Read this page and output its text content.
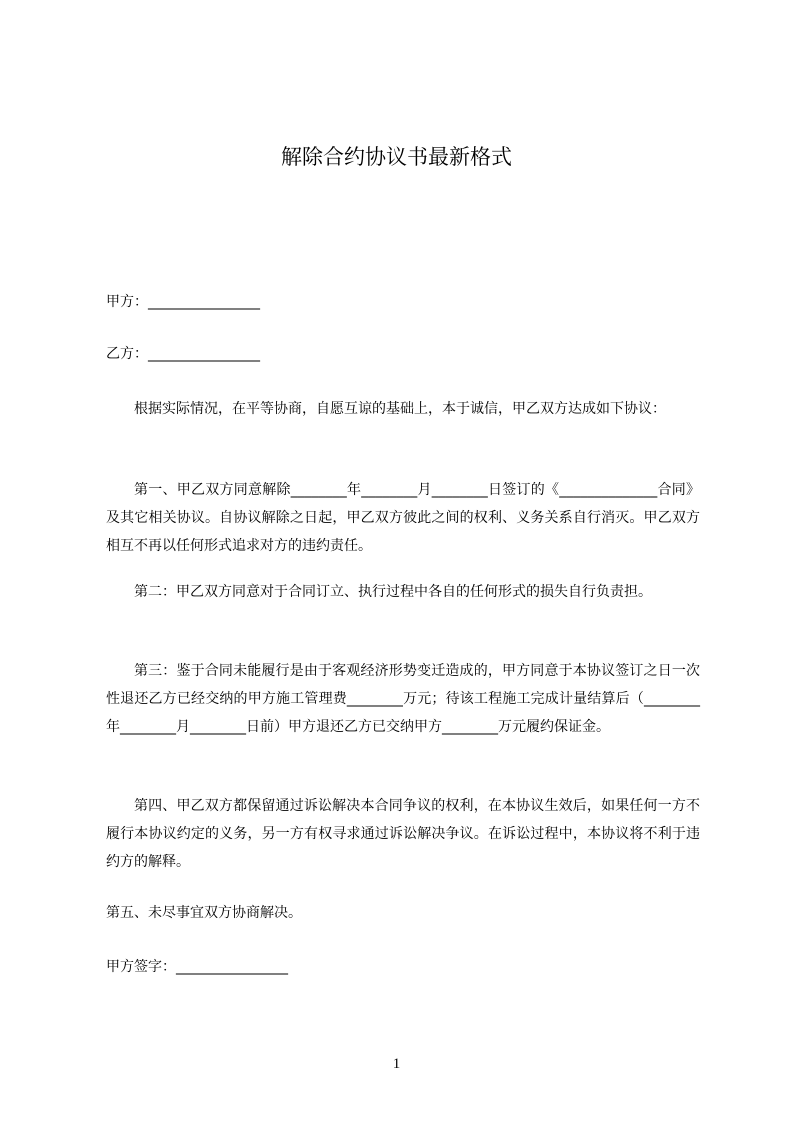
解除合约协议书最新格式
甲方：________________
乙方：________________

根据实际情况，在平等协商，自愿互谅的基础上，本于诚信，甲乙双方达成如下协议：

第一、甲乙双方同意解除________年________月________日签订的《______________合同》及其它相关协议。自协议解除之日起，甲乙双方彼此之间的权利、义务关系自行消灭。甲乙双方相互不再以任何形式追求对方的违约责任。

第二：甲乙双方同意对于合同订立、执行过程中各自的任何形式的损失自行负责担。

第三：鉴于合同未能履行是由于客观经济形势变迁造成的，甲方同意于本协议签订之日一次性退还乙方已经交纳的甲方施工管理费________万元；待该工程施工完成计量结算后（________年________月________日前）甲方退还乙方已交纳甲方________万元履约保证金。

第四、甲乙双方都保留通过诉讼解决本合同争议的权利，在本协议生效后，如果任何一方不履行本协议约定的义务，另一方有权寻求通过诉讼解决争议。在诉讼过程中，本协议将不利于违约方的解释。

第五、未尽事宜双方协商解决。
甲方签字：________________
1
